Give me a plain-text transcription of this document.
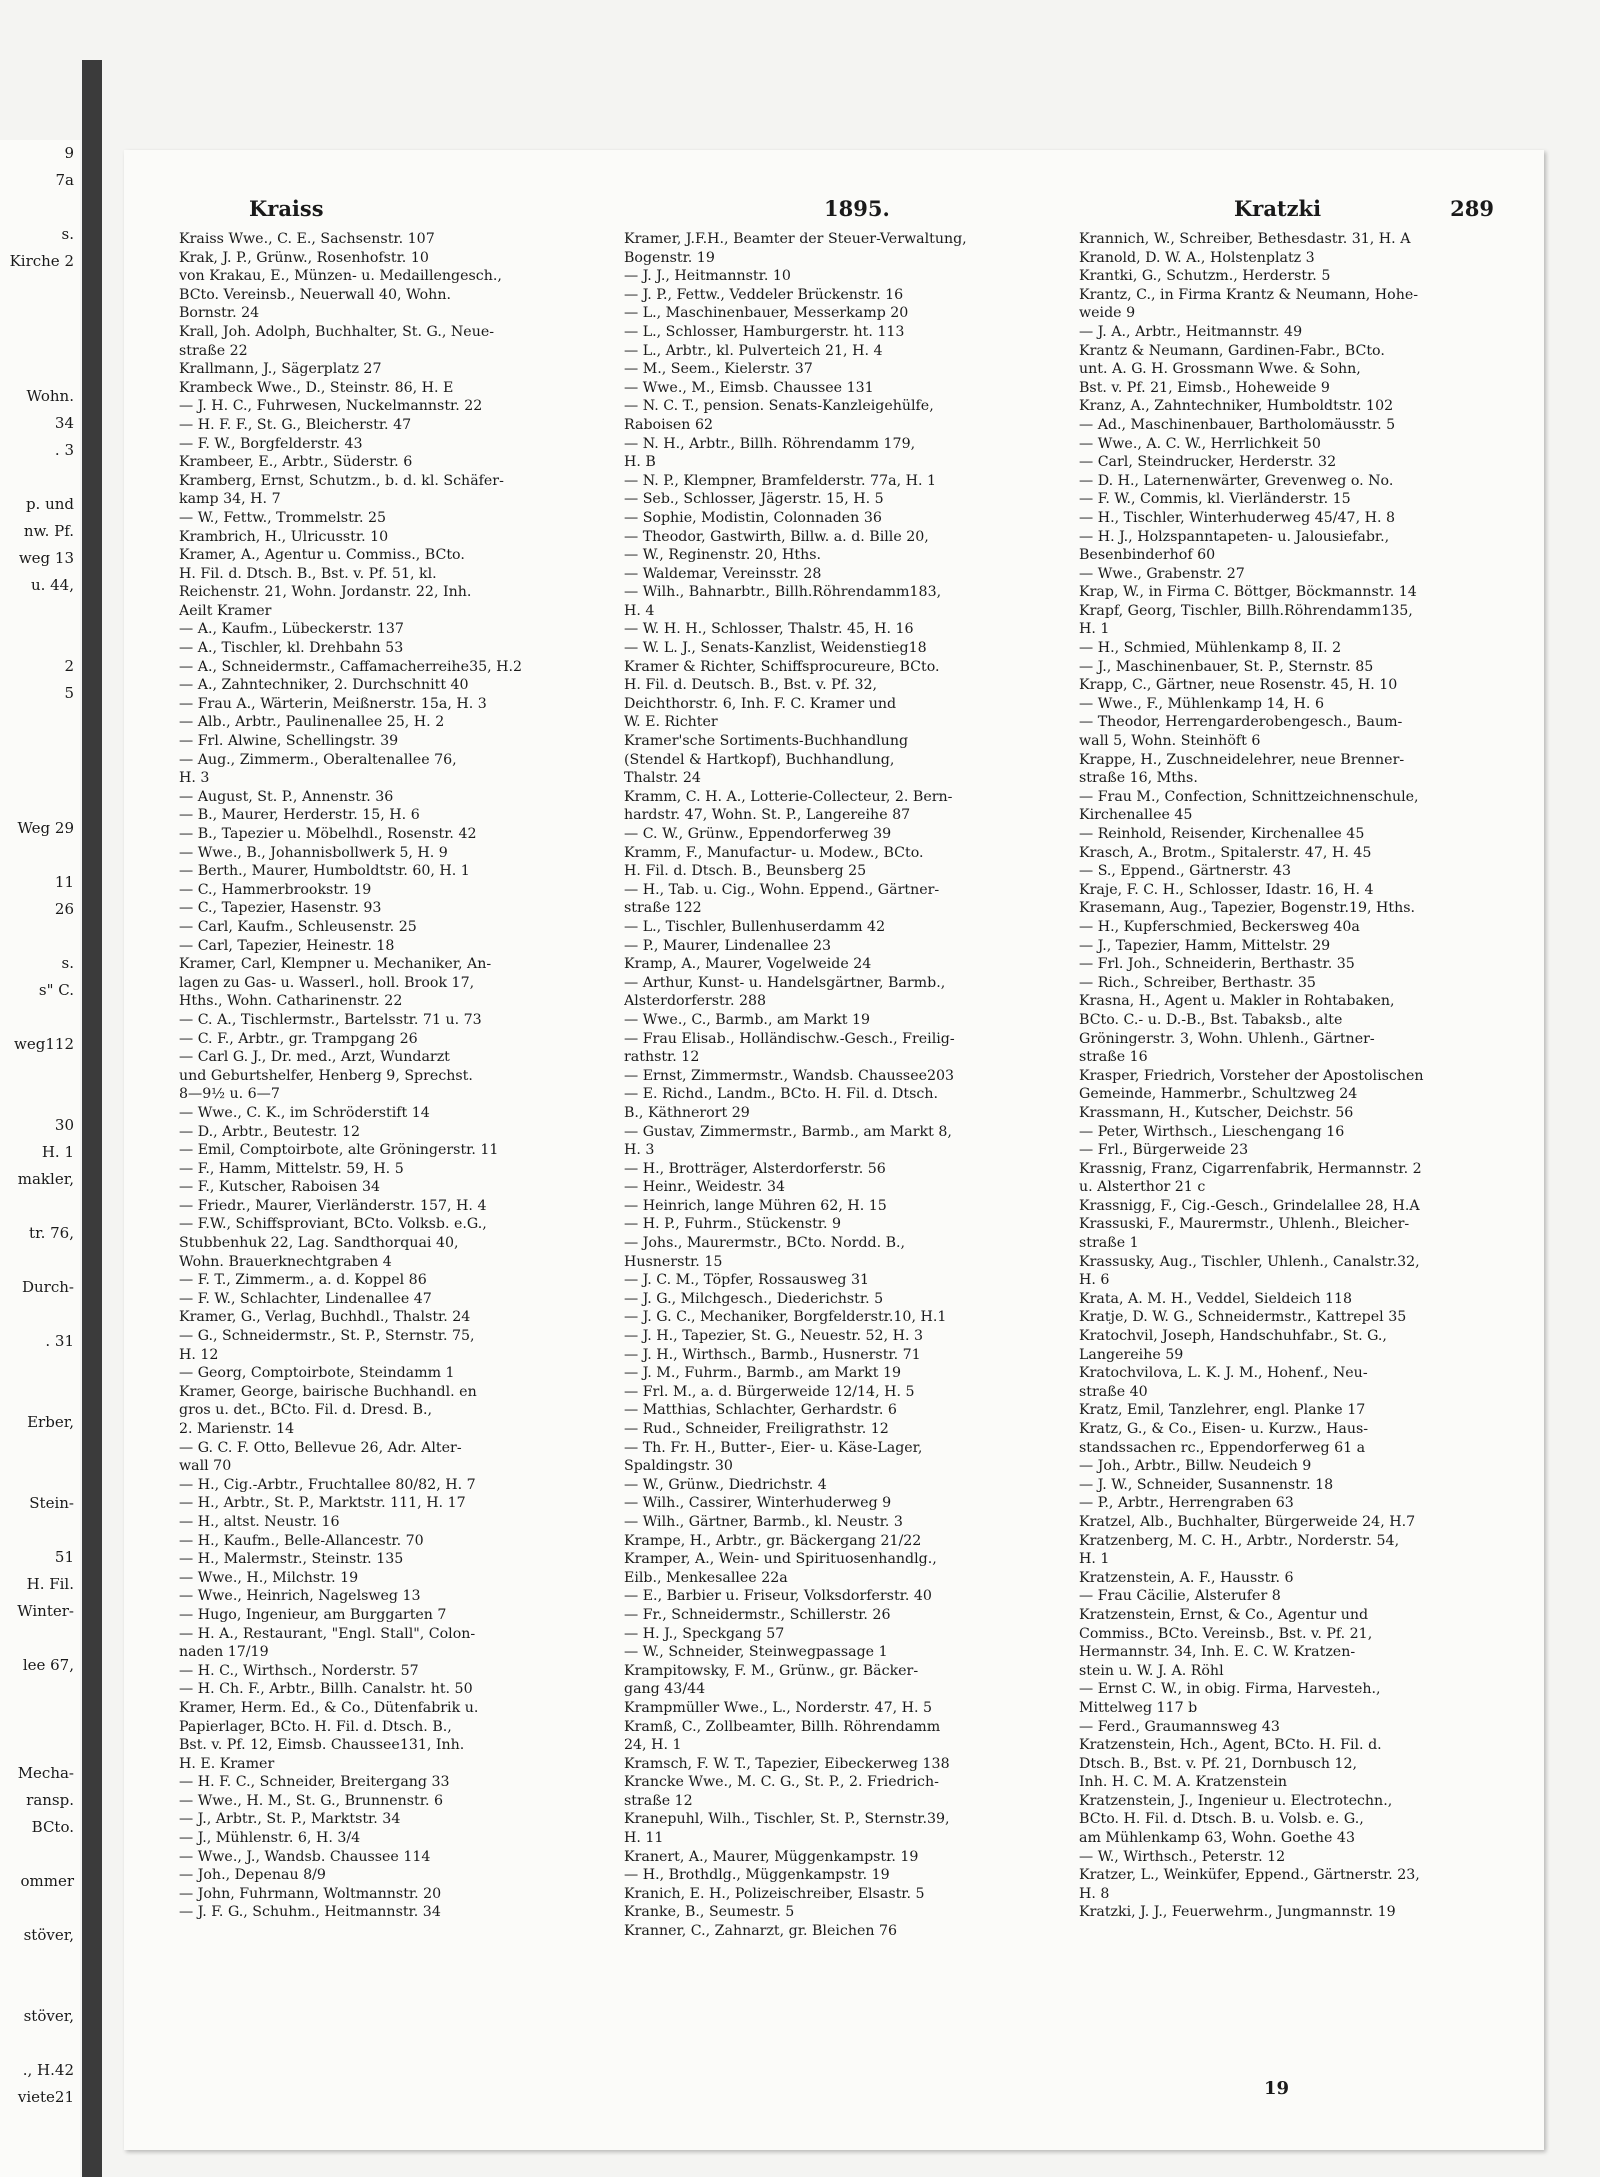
9
7a
s.
Kirche 2
Wohn.
34
. 3
p. und
nw. Pf.
weg 13
u. 44,
2
5
Weg 29
11
26
s.
s" C.
weg112
30
H. 1
makler,
tr. 76,
Durch-
. 31
Erber,
Stein-
51
H. Fil.
Winter-
lee 67,
Mecha-
ransp.
BCto.
ommer
stöver,
stöver,
., H.42
viete21
Kraiss	1895.	Kratzki	289
Kraiss Wwe., C. E., Sachsenstr. 107
Krak, J. P., Grünw., Rosenhofstr. 10
von Krakau, E., Münzen- u. Medaillengesch.,
BCto. Vereinsb., Neuerwall 40, Wohn.
Bornstr. 24
Krall, Joh. Adolph, Buchhalter, St. G., Neue-
straße 22
Krallmann, J., Sägerplatz 27
Krambeck Wwe., D., Steinstr. 86, H. E
— J. H. C., Fuhrwesen, Nuckelmannstr. 22
— H. F. F., St. G., Bleicherstr. 47
— F. W., Borgfelderstr. 43
Krambeer, E., Arbtr., Süderstr. 6
Kramberg, Ernst, Schutzm., b. d. kl. Schäfer-
kamp 34, H. 7
— W., Fettw., Trommelstr. 25
Krambrich, H., Ulricusstr. 10
Kramer, A., Agentur u. Commiss., BCto.
H. Fil. d. Dtsch. B., Bst. v. Pf. 51, kl.
Reichenstr. 21, Wohn. Jordanstr. 22, Inh.
Aeilt Kramer
— A., Kaufm., Lübeckerstr. 137
— A., Tischler, kl. Drehbahn 53
— A., Schneidermstr., Caffamacherreihe35, H.2
— A., Zahntechniker, 2. Durchschnitt 40
— Frau A., Wärterin, Meißnerstr. 15a, H. 3
— Alb., Arbtr., Paulinenallee 25, H. 2
— Frl. Alwine, Schellingstr. 39
— Aug., Zimmerm., Oberaltenallee 76,
H. 3
— August, St. P., Annenstr. 36
— B., Maurer, Herderstr. 15, H. 6
— B., Tapezier u. Möbelhdl., Rosenstr. 42
— Wwe., B., Johannisbollwerk 5, H. 9
— Berth., Maurer, Humboldtstr. 60, H. 1
— C., Hammerbrookstr. 19
— C., Tapezier, Hasenstr. 93
— Carl, Kaufm., Schleusenstr. 25
— Carl, Tapezier, Heinestr. 18
Kramer, Carl, Klempner u. Mechaniker, An-
lagen zu Gas- u. Wasserl., holl. Brook 17,
Hths., Wohn. Catharinenstr. 22
— C. A., Tischlermstr., Bartelsstr. 71 u. 73
— C. F., Arbtr., gr. Trampgang 26
— Carl G. J., Dr. med., Arzt, Wundarzt
und Geburtshelfer, Henberg 9, Sprechst.
8—9½ u. 6—7
— Wwe., C. K., im Schröderstift 14
— D., Arbtr., Beutestr. 12
— Emil, Comptoirbote, alte Gröningerstr. 11
— F., Hamm, Mittelstr. 59, H. 5
— F., Kutscher, Raboisen 34
— Friedr., Maurer, Vierländerstr. 157, H. 4
— F.W., Schiffsproviant, BCto. Volksb. e.G.,
Stubbenhuk 22, Lag. Sandthorquai 40,
Wohn. Brauerknechtgraben 4
— F. T., Zimmerm., a. d. Koppel 86
— F. W., Schlachter, Lindenallee 47
Kramer, G., Verlag, Buchhdl., Thalstr. 24
— G., Schneidermstr., St. P., Sternstr. 75,
H. 12
— Georg, Comptoirbote, Steindamm 1
Kramer, George, bairische Buchhandl. en
gros u. det., BCto. Fil. d. Dresd. B.,
2. Marienstr. 14
— G. C. F. Otto, Bellevue 26, Adr. Alter-
wall 70
— H., Cig.-Arbtr., Fruchtallee 80/82, H. 7
— H., Arbtr., St. P., Marktstr. 111, H. 17
— H., altst. Neustr. 16
— H., Kaufm., Belle-Allancestr. 70
— H., Malermstr., Steinstr. 135
— Wwe., H., Milchstr. 19
— Wwe., Heinrich, Nagelsweg 13
— Hugo, Ingenieur, am Burggarten 7
— H. A., Restaurant, "Engl. Stall", Colon-
naden 17/19
— H. C., Wirthsch., Norderstr. 57
— H. Ch. F., Arbtr., Billh. Canalstr. ht. 50
Kramer, Herm. Ed., & Co., Dütenfabrik u.
Papierlager, BCto. H. Fil. d. Dtsch. B.,
Bst. v. Pf. 12, Eimsb. Chaussee131, Inh.
H. E. Kramer
— H. F. C., Schneider, Breitergang 33
— Wwe., H. M., St. G., Brunnenstr. 6
— J., Arbtr., St. P., Marktstr. 34
— J., Mühlenstr. 6, H. 3/4
— Wwe., J., Wandsb. Chaussee 114
— Joh., Depenau 8/9
— John, Fuhrmann, Woltmannstr. 20
— J. F. G., Schuhm., Heitmannstr. 34
Kramer, J.F.H., Beamter der Steuer-Verwaltung,
Bogenstr. 19
— J. J., Heitmannstr. 10
— J. P., Fettw., Veddeler Brückenstr. 16
— L., Maschinenbauer, Messerkamp 20
— L., Schlosser, Hamburgerstr. ht. 113
— L., Arbtr., kl. Pulverteich 21, H. 4
— M., Seem., Kielerstr. 37
— Wwe., M., Eimsb. Chaussee 131
— N. C. T., pension. Senats-Kanzleigehülfe,
Raboisen 62
— N. H., Arbtr., Billh. Röhrendamm 179,
H. B
— N. P., Klempner, Bramfelderstr. 77a, H. 1
— Seb., Schlosser, Jägerstr. 15, H. 5
— Sophie, Modistin, Colonnaden 36
— Theodor, Gastwirth, Billw. a. d. Bille 20,
— W., Reginenstr. 20, Hths.
— Waldemar, Vereinsstr. 28
— Wilh., Bahnarbtr., Billh.Röhrendamm183,
H. 4
— W. H. H., Schlosser, Thalstr. 45, H. 16
— W. L. J., Senats-Kanzlist, Weidenstieg18
Kramer & Richter, Schiffsprocureure, BCto.
H. Fil. d. Deutsch. B., Bst. v. Pf. 32,
Deichthorstr. 6, Inh. F. C. Kramer und
W. E. Richter
Kramer'sche Sortiments-Buchhandlung
(Stendel & Hartkopf), Buchhandlung,
Thalstr. 24
Kramm, C. H. A., Lotterie-Collecteur, 2. Bern-
hardstr. 47, Wohn. St. P., Langereihe 87
— C. W., Grünw., Eppendorferweg 39
Kramm, F., Manufactur- u. Modew., BCto.
H. Fil. d. Dtsch. B., Beunsberg 25
— H., Tab. u. Cig., Wohn. Eppend., Gärtner-
straße 122
— L., Tischler, Bullenhuserdamm 42
— P., Maurer, Lindenallee 23
Kramp, A., Maurer, Vogelweide 24
— Arthur, Kunst- u. Handelsgärtner, Barmb.,
Alsterdorferstr. 288
— Wwe., C., Barmb., am Markt 19
— Frau Elisab., Holländischw.-Gesch., Freilig-
rathstr. 12
— Ernst, Zimmermstr., Wandsb. Chaussee203
— E. Richd., Landm., BCto. H. Fil. d. Dtsch.
B., Käthnerort 29
— Gustav, Zimmermstr., Barmb., am Markt 8,
H. 3
— H., Brotträger, Alsterdorferstr. 56
— Heinr., Weidestr. 34
— Heinrich, lange Mühren 62, H. 15
— H. P., Fuhrm., Stückenstr. 9
— Johs., Maurermstr., BCto. Nordd. B.,
Husnerstr. 15
— J. C. M., Töpfer, Rossausweg 31
— J. G., Milchgesch., Diederichstr. 5
— J. G. C., Mechaniker, Borgfelderstr.10, H.1
— J. H., Tapezier, St. G., Neuestr. 52, H. 3
— J. H., Wirthsch., Barmb., Husnerstr. 71
— J. M., Fuhrm., Barmb., am Markt 19
— Frl. M., a. d. Bürgerweide 12/14, H. 5
— Matthias, Schlachter, Gerhardstr. 6
— Rud., Schneider, Freiligrathstr. 12
— Th. Fr. H., Butter-, Eier- u. Käse-Lager,
Spaldingstr. 30
— W., Grünw., Diedrichstr. 4
— Wilh., Cassirer, Winterhuderweg 9
— Wilh., Gärtner, Barmb., kl. Neustr. 3
Krampe, H., Arbtr., gr. Bäckergang 21/22
Kramper, A., Wein- und Spirituosenhandlg.,
Eilb., Menkesallee 22a
— E., Barbier u. Friseur, Volksdorferstr. 40
— Fr., Schneidermstr., Schillerstr. 26
— H. J., Speckgang 57
— W., Schneider, Steinwegpassage 1
Krampitowsky, F. M., Grünw., gr. Bäcker-
gang 43/44
Krampmüller Wwe., L., Norderstr. 47, H. 5
Kramß, C., Zollbeamter, Billh. Röhrendamm
24, H. 1
Kramsch, F. W. T., Tapezier, Eibeckerweg 138
Krancke Wwe., M. C. G., St. P., 2. Friedrich-
straße 12
Kranepuhl, Wilh., Tischler, St. P., Sternstr.39,
H. 11
Kranert, A., Maurer, Müggenkampstr. 19
— H., Brothdlg., Müggenkampstr. 19
Kranich, E. H., Polizeischreiber, Elsastr. 5
Kranke, B., Seumestr. 5
Kranner, C., Zahnarzt, gr. Bleichen 76
Krannich, W., Schreiber, Bethesdastr. 31, H. A
Kranold, D. W. A., Holstenplatz 3
Krantki, G., Schutzm., Herderstr. 5
Krantz, C., in Firma Krantz & Neumann, Hohe-
weide 9
— J. A., Arbtr., Heitmannstr. 49
Krantz & Neumann, Gardinen-Fabr., BCto.
unt. A. G. H. Grossmann Wwe. & Sohn,
Bst. v. Pf. 21, Eimsb., Hoheweide 9
Kranz, A., Zahntechniker, Humboldtstr. 102
— Ad., Maschinenbauer, Bartholomäusstr. 5
— Wwe., A. C. W., Herrlichkeit 50
— Carl, Steindrucker, Herderstr. 32
— D. H., Laternenwärter, Grevenweg o. No.
— F. W., Commis, kl. Vierländerstr. 15
— H., Tischler, Winterhuderweg 45/47, H. 8
— H. J., Holzspanntapeten- u. Jalousiefabr.,
Besenbinderhof 60
— Wwe., Grabenstr. 27
Krap, W., in Firma C. Böttger, Böckmannstr. 14
Krapf, Georg, Tischler, Billh.Röhrendamm135,
H. 1
— H., Schmied, Mühlenkamp 8, II. 2
— J., Maschinenbauer, St. P., Sternstr. 85
Krapp, C., Gärtner, neue Rosenstr. 45, H. 10
— Wwe., F., Mühlenkamp 14, H. 6
— Theodor, Herrengarderobengesch., Baum-
wall 5, Wohn. Steinhöft 6
Krappe, H., Zuschneidelehrer, neue Brenner-
straße 16, Mths.
— Frau M., Confection, Schnittzeichnenschule,
Kirchenallee 45
— Reinhold, Reisender, Kirchenallee 45
Krasch, A., Brotm., Spitalerstr. 47, H. 45
— S., Eppend., Gärtnerstr. 43
Kraje, F. C. H., Schlosser, Idastr. 16, H. 4
Krasemann, Aug., Tapezier, Bogenstr.19, Hths.
— H., Kupferschmied, Beckersweg 40a
— J., Tapezier, Hamm, Mittelstr. 29
— Frl. Joh., Schneiderin, Berthastr. 35
— Rich., Schreiber, Berthastr. 35
Krasna, H., Agent u. Makler in Rohtabaken,
BCto. C.- u. D.-B., Bst. Tabaksb., alte
Gröningerstr. 3, Wohn. Uhlenh., Gärtner-
straße 16
Krasper, Friedrich, Vorsteher der Apostolischen
Gemeinde, Hammerbr., Schultzweg 24
Krassmann, H., Kutscher, Deichstr. 56
— Peter, Wirthsch., Lieschengang 16
— Frl., Bürgerweide 23
Krassnig, Franz, Cigarrenfabrik, Hermannstr. 2
u. Alsterthor 21 c
Krassnigg, F., Cig.-Gesch., Grindelallee 28, H.A
Krassuski, F., Maurermstr., Uhlenh., Bleicher-
straße 1
Krassusky, Aug., Tischler, Uhlenh., Canalstr.32,
H. 6
Krata, A. M. H., Veddel, Sieldeich 118
Kratje, D. W. G., Schneidermstr., Kattrepel 35
Kratochvil, Joseph, Handschuhfabr., St. G.,
Langereihe 59
Kratochvilova, L. K. J. M., Hohenf., Neu-
straße 40
Kratz, Emil, Tanzlehrer, engl. Planke 17
Kratz, G., & Co., Eisen- u. Kurzw., Haus-
standssachen rc., Eppendorferweg 61 a
— Joh., Arbtr., Billw. Neudeich 9
— J. W., Schneider, Susannenstr. 18
— P., Arbtr., Herrengraben 63
Kratzel, Alb., Buchhalter, Bürgerweide 24, H.7
Kratzenberg, M. C. H., Arbtr., Norderstr. 54,
H. 1
Kratzenstein, A. F., Hausstr. 6
— Frau Cäcilie, Alsterufer 8
Kratzenstein, Ernst, & Co., Agentur und
Commiss., BCto. Vereinsb., Bst. v. Pf. 21,
Hermannstr. 34, Inh. E. C. W. Kratzen-
stein u. W. J. A. Röhl
— Ernst C. W., in obig. Firma, Harvesteh.,
Mittelweg 117 b
— Ferd., Graumannsweg 43
Kratzenstein, Hch., Agent, BCto. H. Fil. d.
Dtsch. B., Bst. v. Pf. 21, Dornbusch 12,
Inh. H. C. M. A. Kratzenstein
Kratzenstein, J., Ingenieur u. Electrotechn.,
BCto. H. Fil. d. Dtsch. B. u. Volsb. e. G.,
am Mühlenkamp 63, Wohn. Goethe 43
— W., Wirthsch., Peterstr. 12
Kratzer, L., Weinküfer, Eppend., Gärtnerstr. 23,
H. 8
Kratzki, J. J., Feuerwehrm., Jungmannstr. 19
19
